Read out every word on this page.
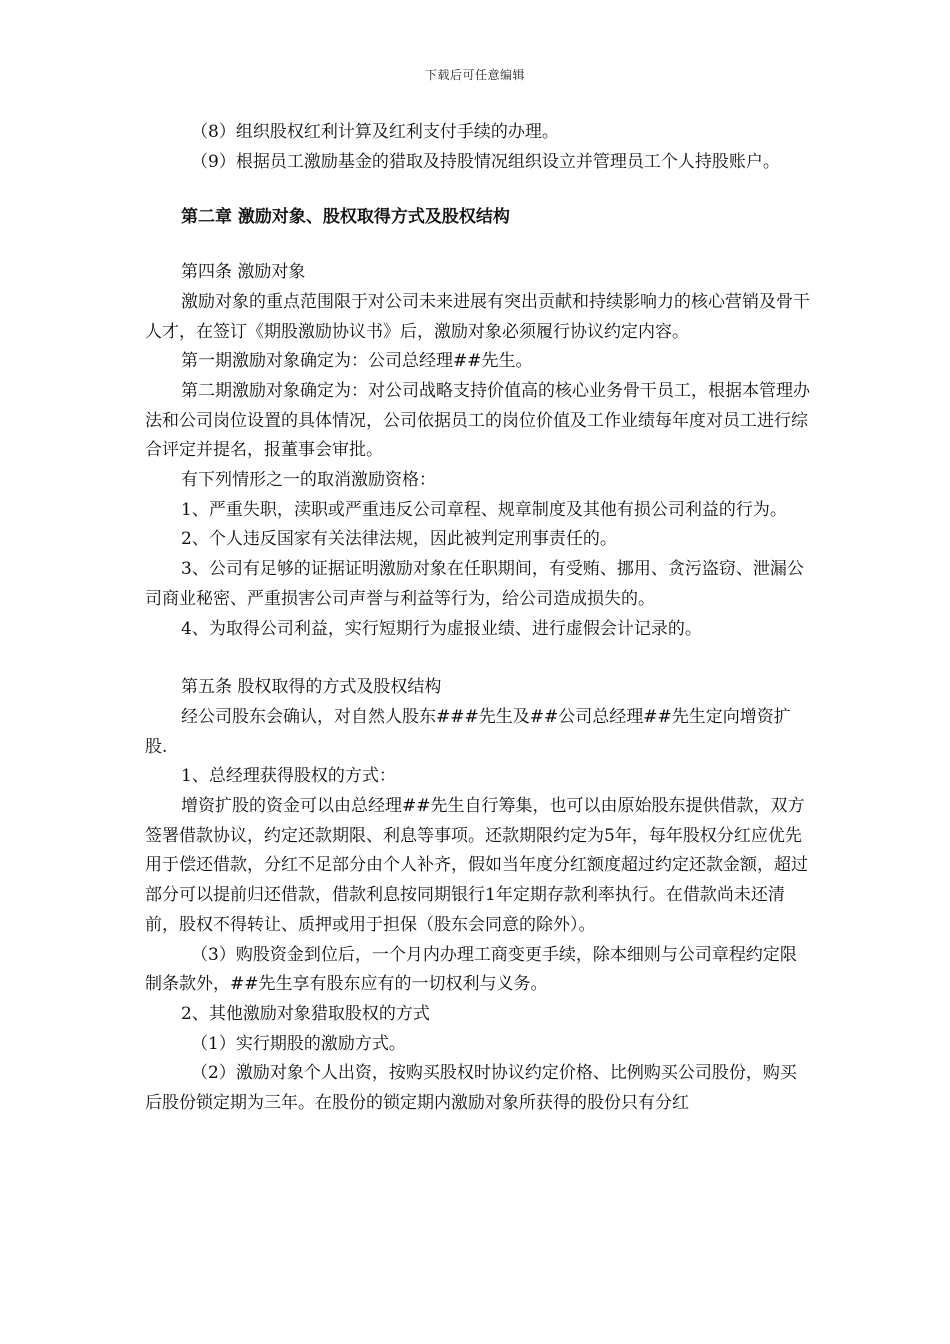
下载后可任意编辑

（8）组织股权红利计算及红利支付手续的办理。

（9）根据员工激励基金的猎取及持股情况组织设立并管理员工个人持股账户。

第二章 激励对象、股权取得方式及股权结构

第四条 激励对象

激励对象的重点范围限于对公司未来进展有突出贡献和持续影响力的核心营销及骨干人才，在签订《期股激励协议书》后，激励对象必须履行协议约定内容。

第一期激励对象确定为：公司总经理##先生。

第二期激励对象确定为：对公司战略支持价值高的核心业务骨干员工，根据本管理办法和公司岗位设置的具体情况，公司依据员工的岗位价值及工作业绩每年度对员工进行综合评定并提名，报董事会审批。

有下列情形之一的取消激励资格：

1、严重失职，渎职或严重违反公司章程、规章制度及其他有损公司利益的行为。

2、个人违反国家有关法律法规，因此被判定刑事责任的。

3、公司有足够的证据证明激励对象在任职期间，有受贿、挪用、贪污盗窃、泄漏公司商业秘密、严重损害公司声誉与利益等行为，给公司造成损失的。

4、为取得公司利益，实行短期行为虚报业绩、进行虚假会计记录的。

第五条 股权取得的方式及股权结构

经公司股东会确认，对自然人股东###先生及##公司总经理##先生定向增资扩股.

1、总经理获得股权的方式：

增资扩股的资金可以由总经理##先生自行筹集，也可以由原始股东提供借款，双方签署借款协议，约定还款期限、利息等事项。还款期限约定为5年，每年股权分红应优先用于偿还借款，分红不足部分由个人补齐，假如当年度分红额度超过约定还款金额，超过部分可以提前归还借款，借款利息按同期银行1年定期存款利率执行。在借款尚未还清前，股权不得转让、质押或用于担保（股东会同意的除外）。

（3）购股资金到位后，一个月内办理工商变更手续，除本细则与公司章程约定限制条款外，##先生享有股东应有的一切权利与义务。

2、其他激励对象猎取股权的方式

（1）实行期股的激励方式。

（2）激励对象个人出资，按购买股权时协议约定价格、比例购买公司股份，购买后股份锁定期为三年。在股份的锁定期内激励对象所获得的股份只有分红
